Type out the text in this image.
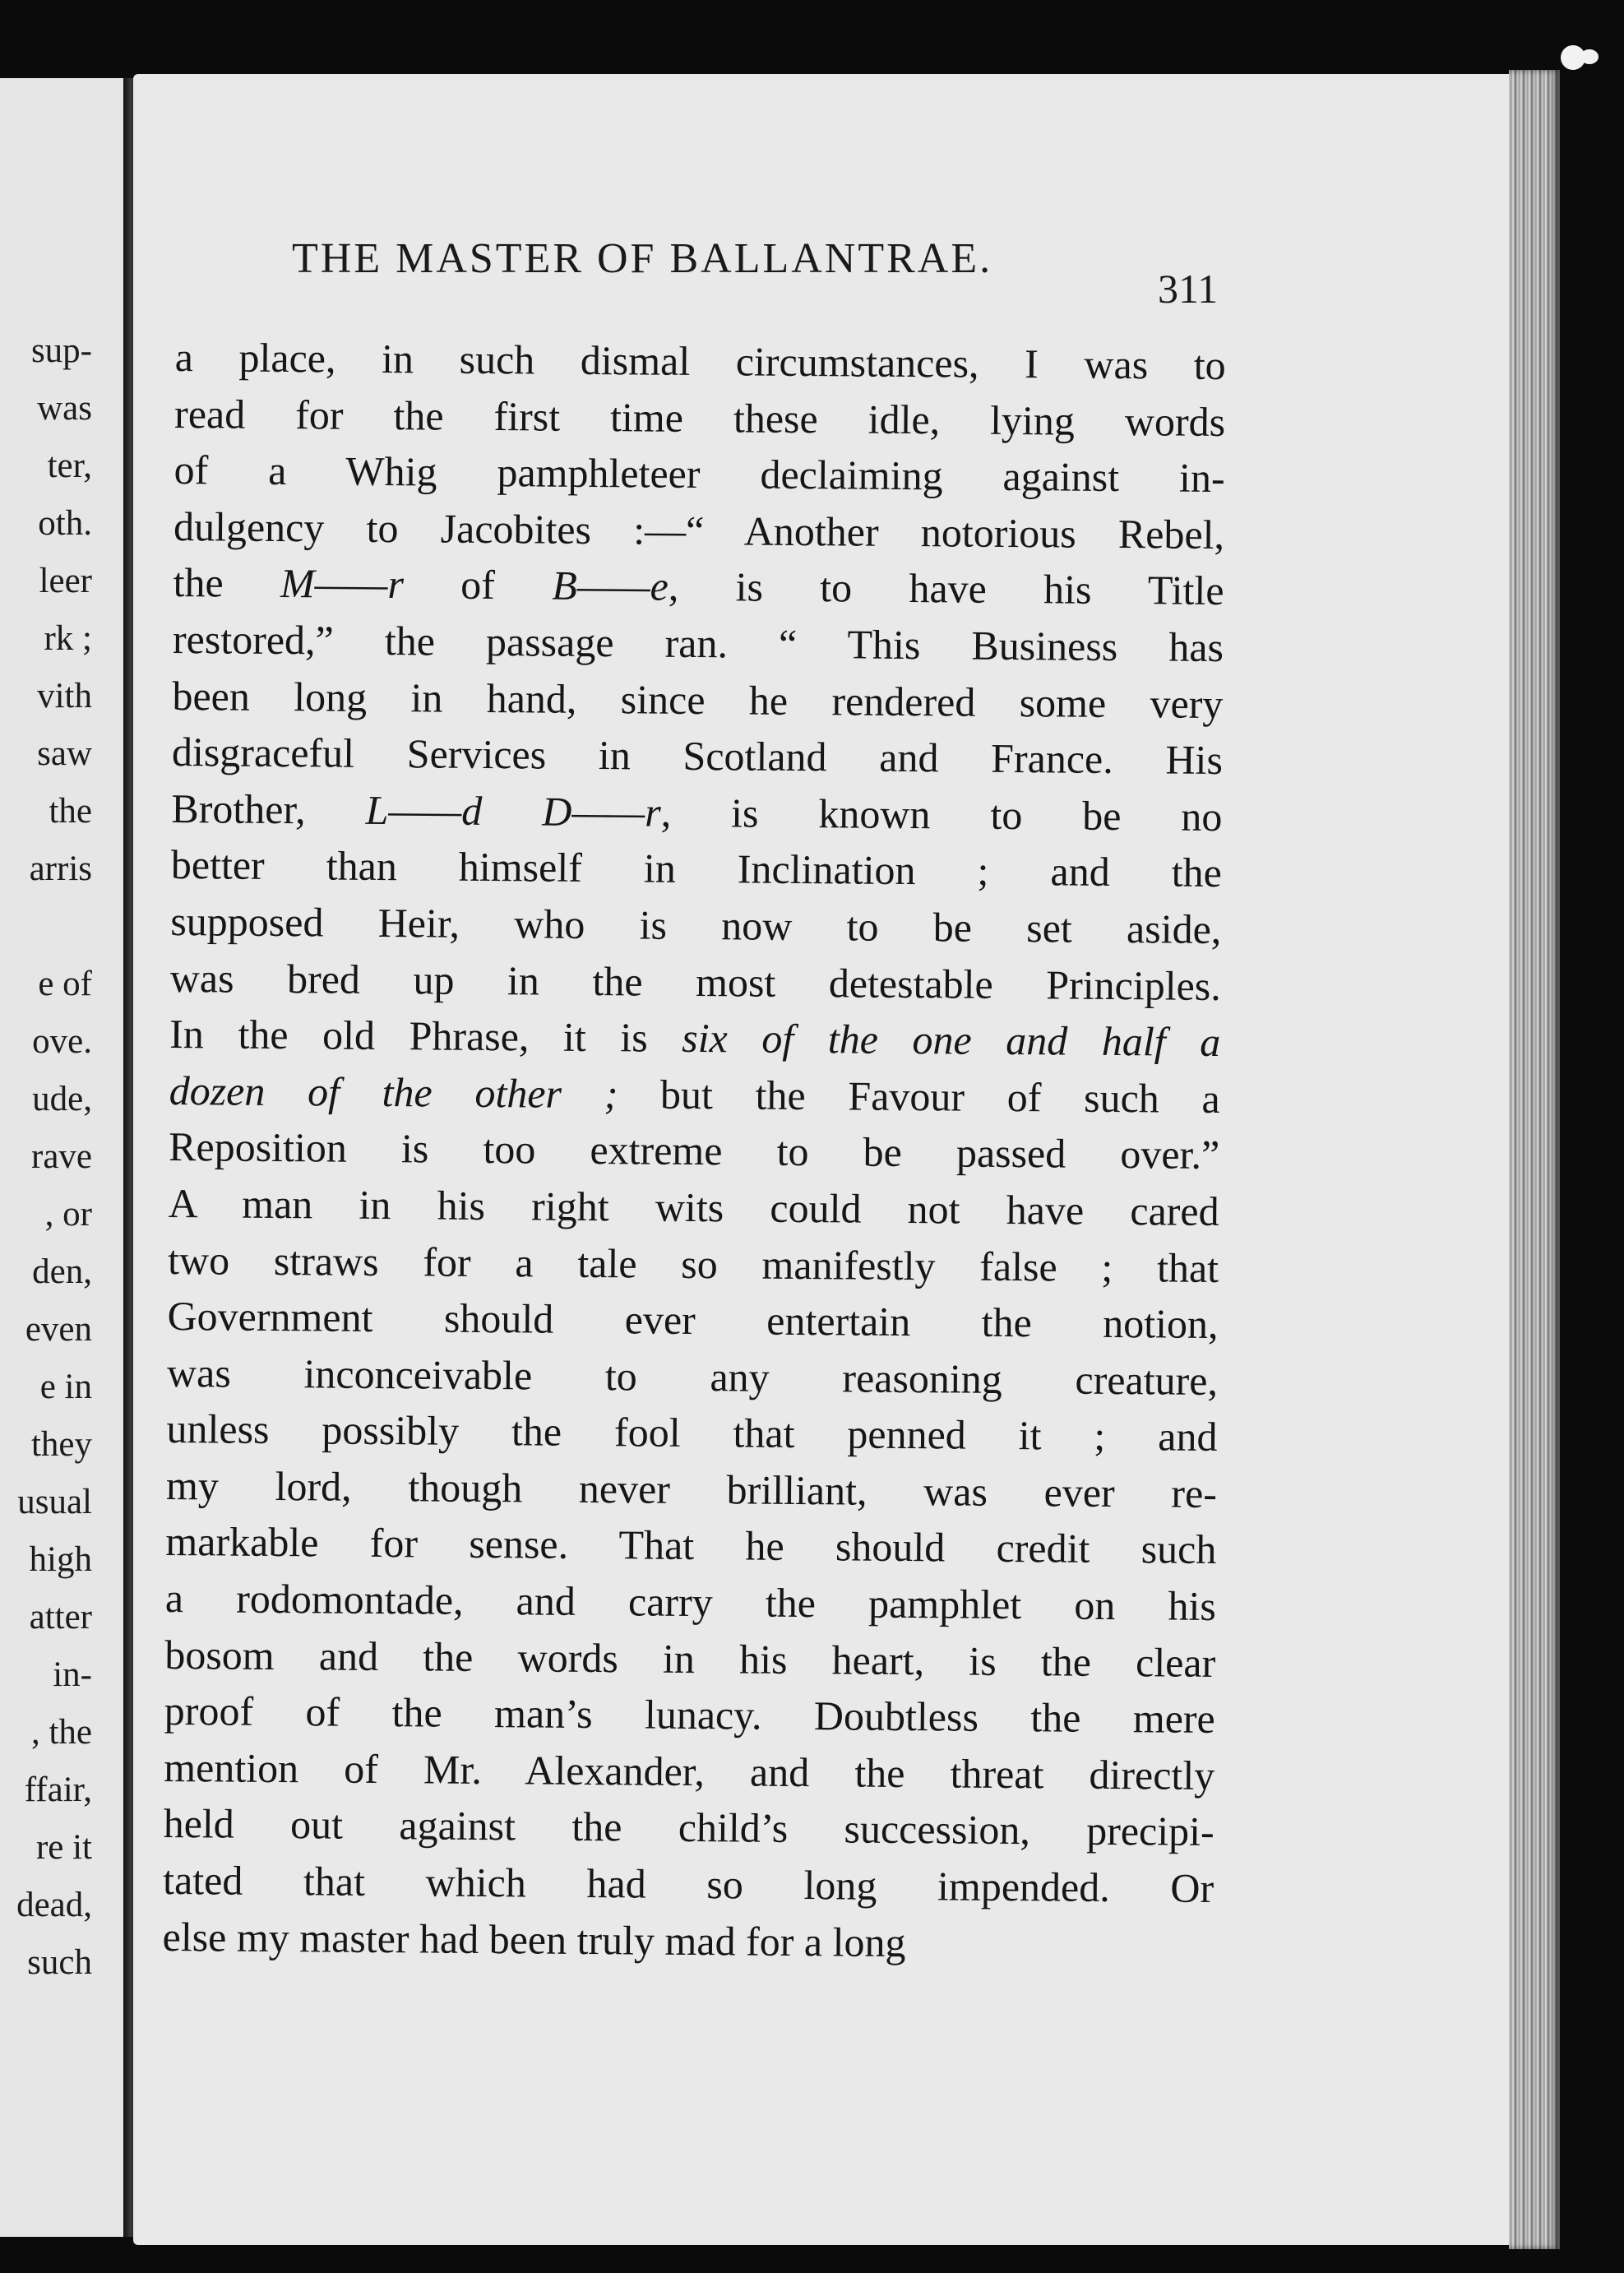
sup-
was
ter,
oth.
leer
rk ;
vith
saw
the
arris
e of
ove.
ude,
rave
, or
den,
even
e in
they
usual
high
atter
in-
, the
ffair,
re it
dead,
such
THE MASTER OF BALLANTRAE.
311
a place, in such dismal circumstances, I was to
read for the first time these idle, lying words
of a Whig pamphleteer declaiming against in-
dulgency to Jacobites :—“ Another notorious Rebel,
the M——r of B——e, is to have his Title
restored,” the passage ran. “ This Business has
been long in hand, since he rendered some very
disgraceful Services in Scotland and France. His
Brother, L——d D——r, is known to be no
better than himself in Inclination ; and the
supposed Heir, who is now to be set aside,
was bred up in the most detestable Principles.
In the old Phrase, it is six of the one and half a
dozen of the other ; but the Favour of such a
Reposition is too extreme to be passed over.”
A man in his right wits could not have cared
two straws for a tale so manifestly false ; that
Government should ever entertain the notion,
was inconceivable to any reasoning creature,
unless possibly the fool that penned it ; and
my lord, though never brilliant, was ever re-
markable for sense. That he should credit such
a rodomontade, and carry the pamphlet on his
bosom and the words in his heart, is the clear
proof of the man’s lunacy. Doubtless the mere
mention of Mr. Alexander, and the threat directly
held out against the child’s succession, precipi-
tated that which had so long impended. Or
else my master had been truly mad for a long
